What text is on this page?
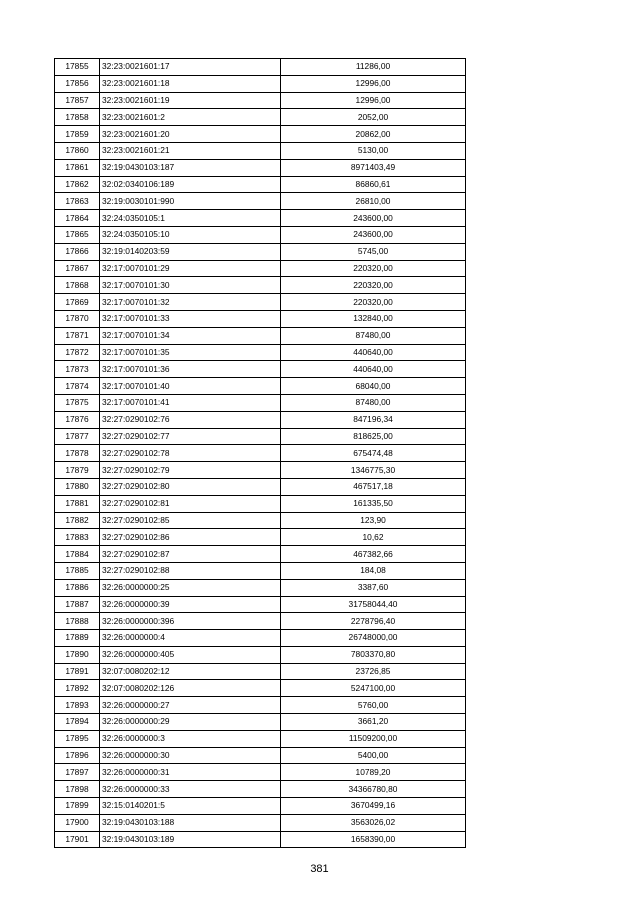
17855	32:23:0021601:17	11286,00
17856	32:23:0021601:18	12996,00
17857	32:23:0021601:19	12996,00
17858	32:23:0021601:2	2052,00
17859	32:23:0021601:20	20862,00
17860	32:23:0021601:21	5130,00
17861	32:19:0430103:187	8971403,49
17862	32:02:0340106:189	86860,61
17863	32:19:0030101:990	26810,00
17864	32:24:0350105:1	243600,00
17865	32:24:0350105:10	243600,00
17866	32:19:0140203:59	5745,00
17867	32:17:0070101:29	220320,00
17868	32:17:0070101:30	220320,00
17869	32:17:0070101:32	220320,00
17870	32:17:0070101:33	132840,00
17871	32:17:0070101:34	87480,00
17872	32:17:0070101:35	440640,00
17873	32:17:0070101:36	440640,00
17874	32:17:0070101:40	68040,00
17875	32:17:0070101:41	87480,00
17876	32:27:0290102:76	847196,34
17877	32:27:0290102:77	818625,00
17878	32:27:0290102:78	675474,48
17879	32:27:0290102:79	1346775,30
17880	32:27:0290102:80	467517,18
17881	32:27:0290102:81	161335,50
17882	32:27:0290102:85	123,90
17883	32:27:0290102:86	10,62
17884	32:27:0290102:87	467382,66
17885	32:27:0290102:88	184,08
17886	32:26:0000000:25	3387,60
17887	32:26:0000000:39	31758044,40
17888	32:26:0000000:396	2278796,40
17889	32:26:0000000:4	26748000,00
17890	32:26:0000000:405	7803370,80
17891	32:07:0080202:12	23726,85
17892	32:07:0080202:126	5247100,00
17893	32:26:0000000:27	5760,00
17894	32:26:0000000:29	3661,20
17895	32:26:0000000:3	11509200,00
17896	32:26:0000000:30	5400,00
17897	32:26:0000000:31	10789,20
17898	32:26:0000000:33	34366780,80
17899	32:15:0140201:5	3670499,16
17900	32:19:0430103:188	3563026,02
17901	32:19:0430103:189	1658390,00
381
